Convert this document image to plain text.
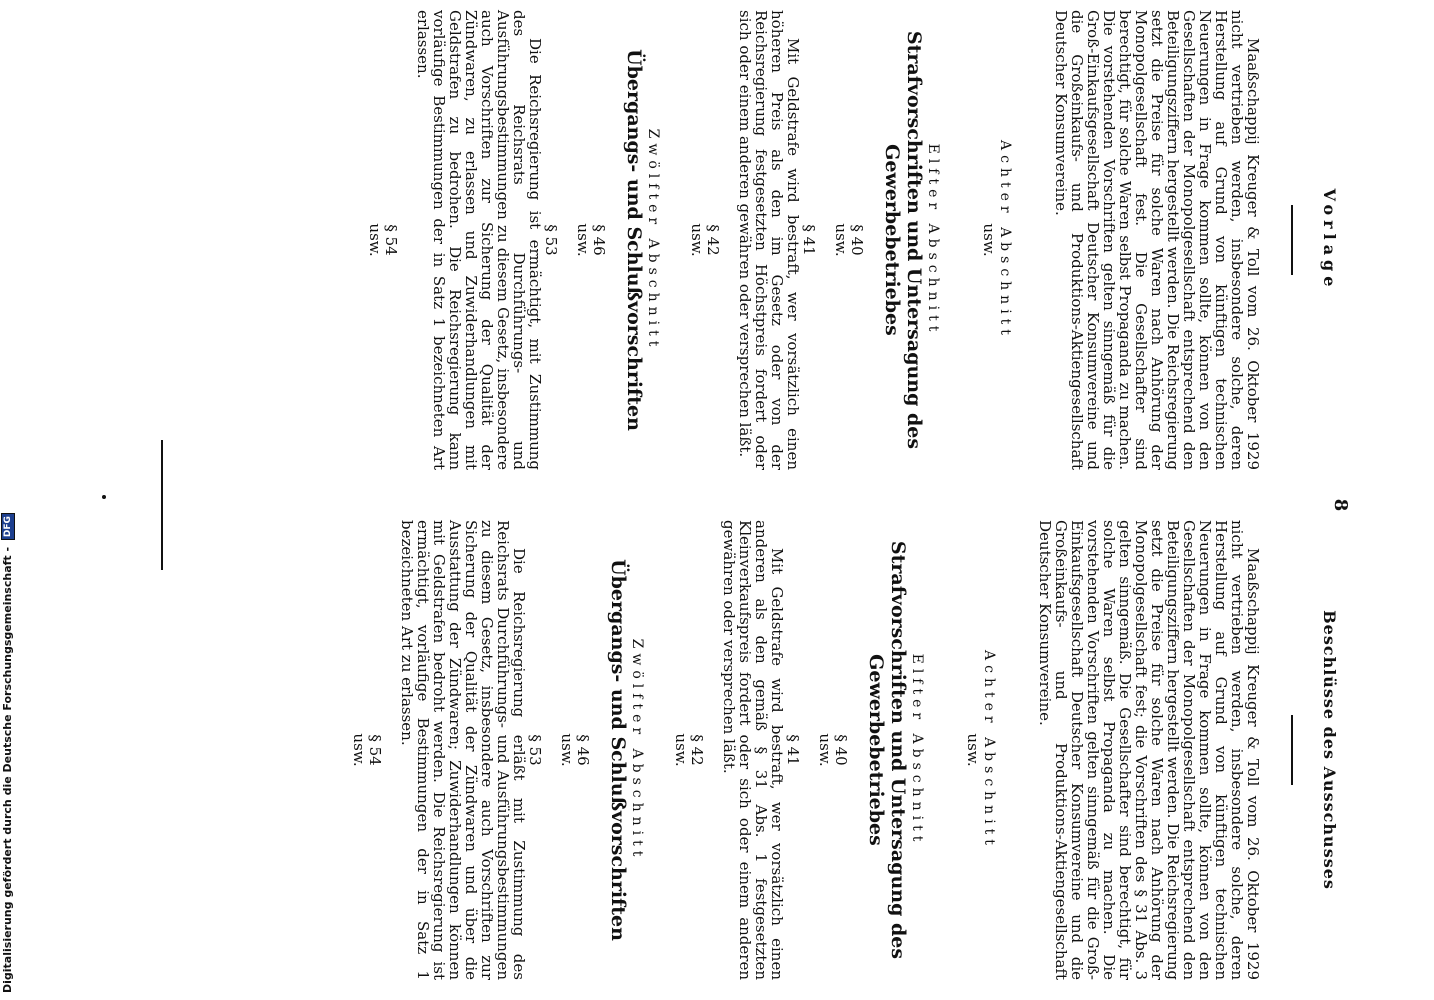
Digitalisierung gefördert durch die Deutsche Forschungsgemeinschaft - DFG
Vorlage
8
Beschlüsse des Ausschusses

Maaßschappij Kreuger & Toll vom 26. Oktober 1929 nicht vertrieben werden, insbesondere solche, deren Herstellung auf Grund von künftigen technischen Neuerungen in Frage kommen sollte, können von den Gesellschaften der Monopolgesellschaft entsprechend den Beteiligungsziffern hergestellt werden. Die Reichsregierung setzt die Preise für solche Waren nach Anhörung der Monopolgesellschaft fest. Die Gesellschafter sind berechtigt, für solche Waren selbst Propaganda zu machen. Die vorstehenden Vorschriften gelten sinngemäß für die Groß-Einkaufsgesellschaft Deutscher Konsumvereine und die Großeinkaufs- und Produktions-Aktiengesellschaft Deutscher Konsumvereine.

Achter Abschnitt
usw.
Elfter Abschnitt
Strafvorschriften und Untersagung des Gewerbebetriebes
§ 40
usw.
§ 41

Mit Geldstrafe wird bestraft, wer vorsätzlich einen höheren Preis als den im Gesetz oder von der Reichsregierung festgesetzten Höchstpreis fordert oder sich oder einem anderen gewähren oder versprechen läßt.

§ 42
usw.
Zwölfter Abschnitt
Übergangs- und Schlußvorschriften
§ 46
usw.
§ 53

Die Reichsregierung ist ermächtigt, mit Zustimmung des Reichsrats Durchführungs- und Ausführungsbestimmungen zu diesem Gesetz, insbesondere auch Vorschriften zur Sicherung der Qualität der Zündwaren, zu erlassen und Zuwiderhandlungen mit Geldstrafen zu bedrohen. Die Reichsregierung kann vorläufige Bestimmungen der in Satz 1 bezeichneten Art erlassen.

§ 54
usw.

Maaßschappij Kreuger & Toll vom 26. Oktober 1929 nicht vertrieben werden, insbesondere solche, deren Herstellung auf Grund von künftigen technischen Neuerungen in Frage kommen sollte, können von den Gesellschaften der Monopolgesellschaft entsprechend den Beteiligungsziffern hergestellt werden. Die Reichsregierung setzt die Preise für solche Waren nach Anhörung der Monopolgesellschaft fest; die Vorschriften des § 31 Abs. 3 gelten sinngemäß. Die Gesellschafter sind berechtigt, für solche Waren selbst Propaganda zu machen. Die vorstehenden Vorschriften gelten sinngemäß für die Groß-Einkaufsgesellschaft Deutscher Konsumvereine und die Großeinkaufs- und Produktions-Aktiengesellschaft Deutscher Konsumvereine.

Achter Abschnitt
usw.
Elfter Abschnitt
Strafvorschriften und Untersagung des Gewerbebetriebes
§ 40
usw.
§ 41

Mit Geldstrafe wird bestraft, wer vorsätzlich einen anderen als den gemäß § 31 Abs. 1 festgesetzten Kleinverkaufspreis fordert oder sich oder einem anderen gewähren oder versprechen läßt.

§ 42
usw.
Zwölfter Abschnitt
Übergangs- und Schlußvorschriften
§ 46
usw.
§ 53

Die Reichsregierung erläßt mit Zustimmung des Reichsrats Durchführungs- und Ausführungsbestimmungen zu diesem Gesetz, insbesondere auch Vorschriften zur Sicherung der Qualität der Zündwaren und über die Ausstattung der Zündwaren; Zuwiderhandlungen können mit Geldstrafen bedroht werden. Die Reichsregierung ist ermächtigt, vorläufige Bestimmungen der in Satz 1 bezeichneten Art zu erlassen.

§ 54
usw.
